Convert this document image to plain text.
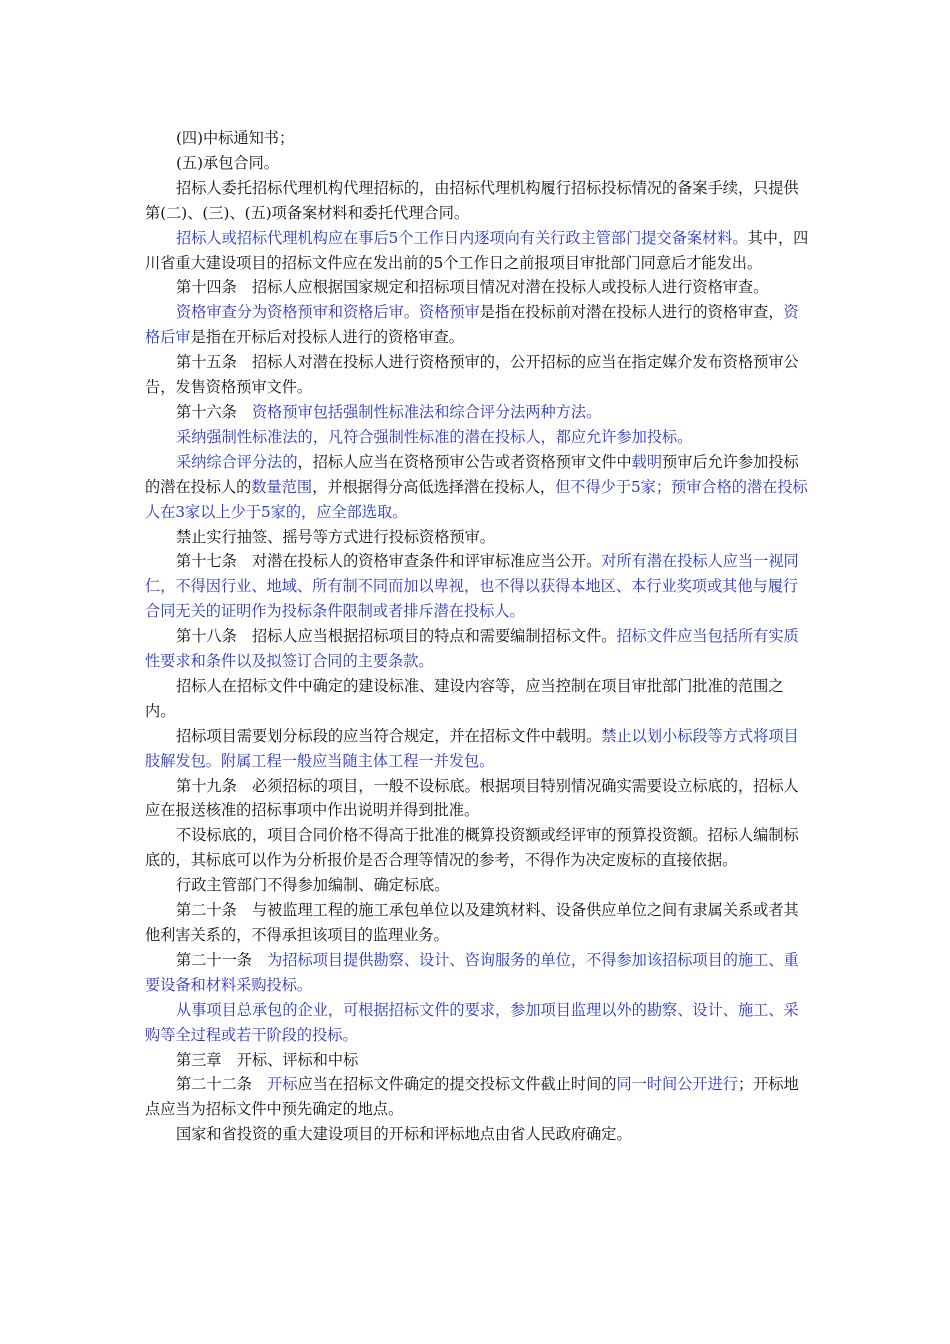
(四)中标通知书；

(五)承包合同。

招标人委托招标代理机构代理招标的，由招标代理机构履行招标投标情况的备案手续，只提供第(二)、(三)、(五)项备案材料和委托代理合同。

招标人或招标代理机构应在事后5个工作日内逐项向有关行政主管部门提交备案材料。其中，四川省重大建设项目的招标文件应在发出前的5个工作日之前报项目审批部门同意后才能发出。

第十四条　招标人应根据国家规定和招标项目情况对潜在投标人或投标人进行资格审查。

资格审查分为资格预审和资格后审。资格预审是指在投标前对潜在投标人进行的资格审查，资格后审是指在开标后对投标人进行的资格审查。

第十五条　招标人对潜在投标人进行资格预审的，公开招标的应当在指定媒介发布资格预审公告，发售资格预审文件。

第十六条　资格预审包括强制性标准法和综合评分法两种方法。

采纳强制性标准法的，凡符合强制性标准的潜在投标人，都应允许参加投标。

采纳综合评分法的，招标人应当在资格预审公告或者资格预审文件中载明预审后允许参加投标的潜在投标人的数量范围，并根据得分高低选择潜在投标人，但不得少于5家；预审合格的潜在投标人在3家以上少于5家的，应全部选取。

禁止实行抽签、摇号等方式进行投标资格预审。

第十七条　对潜在投标人的资格审查条件和评审标准应当公开。对所有潜在投标人应当一视同仁，不得因行业、地域、所有制不同而加以卑视，也不得以获得本地区、本行业奖项或其他与履行合同无关的证明作为投标条件限制或者排斥潜在投标人。

第十八条　招标人应当根据招标项目的特点和需要编制招标文件。招标文件应当包括所有实质性要求和条件以及拟签订合同的主要条款。

招标人在招标文件中确定的建设标准、建设内容等，应当控制在项目审批部门批准的范围之内。

招标项目需要划分标段的应当符合规定，并在招标文件中载明。禁止以划小标段等方式将项目肢解发包。附属工程一般应当随主体工程一并发包。

第十九条　必须招标的项目，一般不设标底。根据项目特别情况确实需要设立标底的，招标人应在报送核准的招标事项中作出说明并得到批准。

不设标底的，项目合同价格不得高于批准的概算投资额或经评审的预算投资额。招标人编制标底的，其标底可以作为分析报价是否合理等情况的参考，不得作为决定废标的直接依据。

行政主管部门不得参加编制、确定标底。

第二十条　与被监理工程的施工承包单位以及建筑材料、设备供应单位之间有隶属关系或者其他利害关系的，不得承担该项目的监理业务。

第二十一条　为招标项目提供勘察、设计、咨询服务的单位，不得参加该招标项目的施工、重要设备和材料采购投标。

从事项目总承包的企业，可根据招标文件的要求，参加项目监理以外的勘察、设计、施工、采购等全过程或若干阶段的投标。

第三章　开标、评标和中标

第二十二条　开标应当在招标文件确定的提交投标文件截止时间的同一时间公开进行；开标地点应当为招标文件中预先确定的地点。

国家和省投资的重大建设项目的开标和评标地点由省人民政府确定。
